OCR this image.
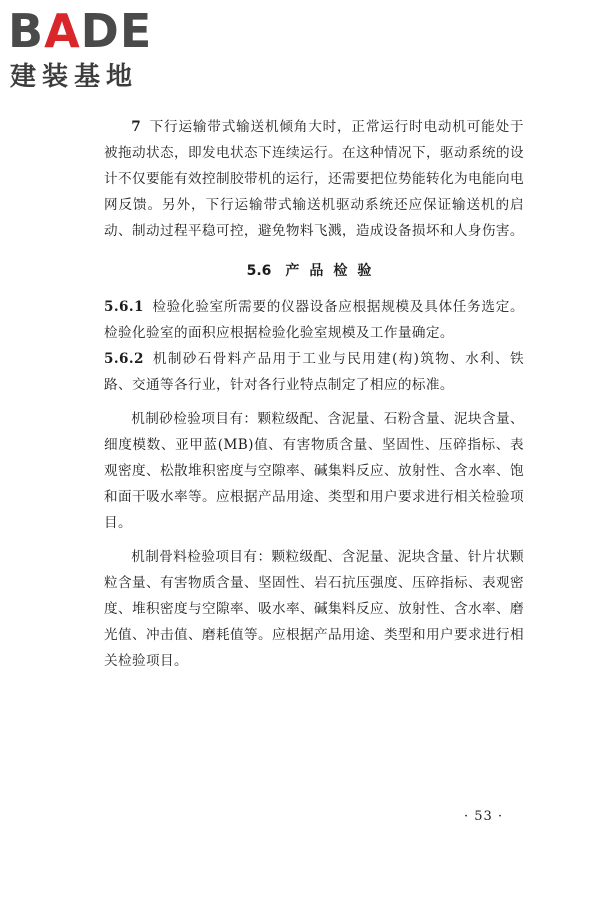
BADE
建装基地

7 下行运输带式输送机倾角大时，正常运行时电动机可能处于被拖动状态，即发电状态下连续运行。在这种情况下，驱动系统的设计不仅要能有效控制胶带机的运行，还需要把位势能转化为电能向电网反馈。另外，下行运输带式输送机驱动系统还应保证输送机的启动、制动过程平稳可控，避免物料飞溅，造成设备损坏和人身伤害。

5.6 产品检验

5.6.1 检验化验室所需要的仪器设备应根据规模及具体任务选定。检验化验室的面积应根据检验化验室规模及工作量确定。

5.6.2 机制砂石骨料产品用于工业与民用建(构)筑物、水利、铁路、交通等各行业，针对各行业特点制定了相应的标准。

机制砂检验项目有：颗粒级配、含泥量、石粉含量、泥块含量、细度模数、亚甲蓝(MB)值、有害物质含量、坚固性、压碎指标、表观密度、松散堆积密度与空隙率、碱集料反应、放射性、含水率、饱和面干吸水率等。应根据产品用途、类型和用户要求进行相关检验项目。

机制骨料检验项目有：颗粒级配、含泥量、泥块含量、针片状颗粒含量、有害物质含量、坚固性、岩石抗压强度、压碎指标、表观密度、堆积密度与空隙率、吸水率、碱集料反应、放射性、含水率、磨光值、冲击值、磨耗值等。应根据产品用途、类型和用户要求进行相关检验项目。

· 53 ·
